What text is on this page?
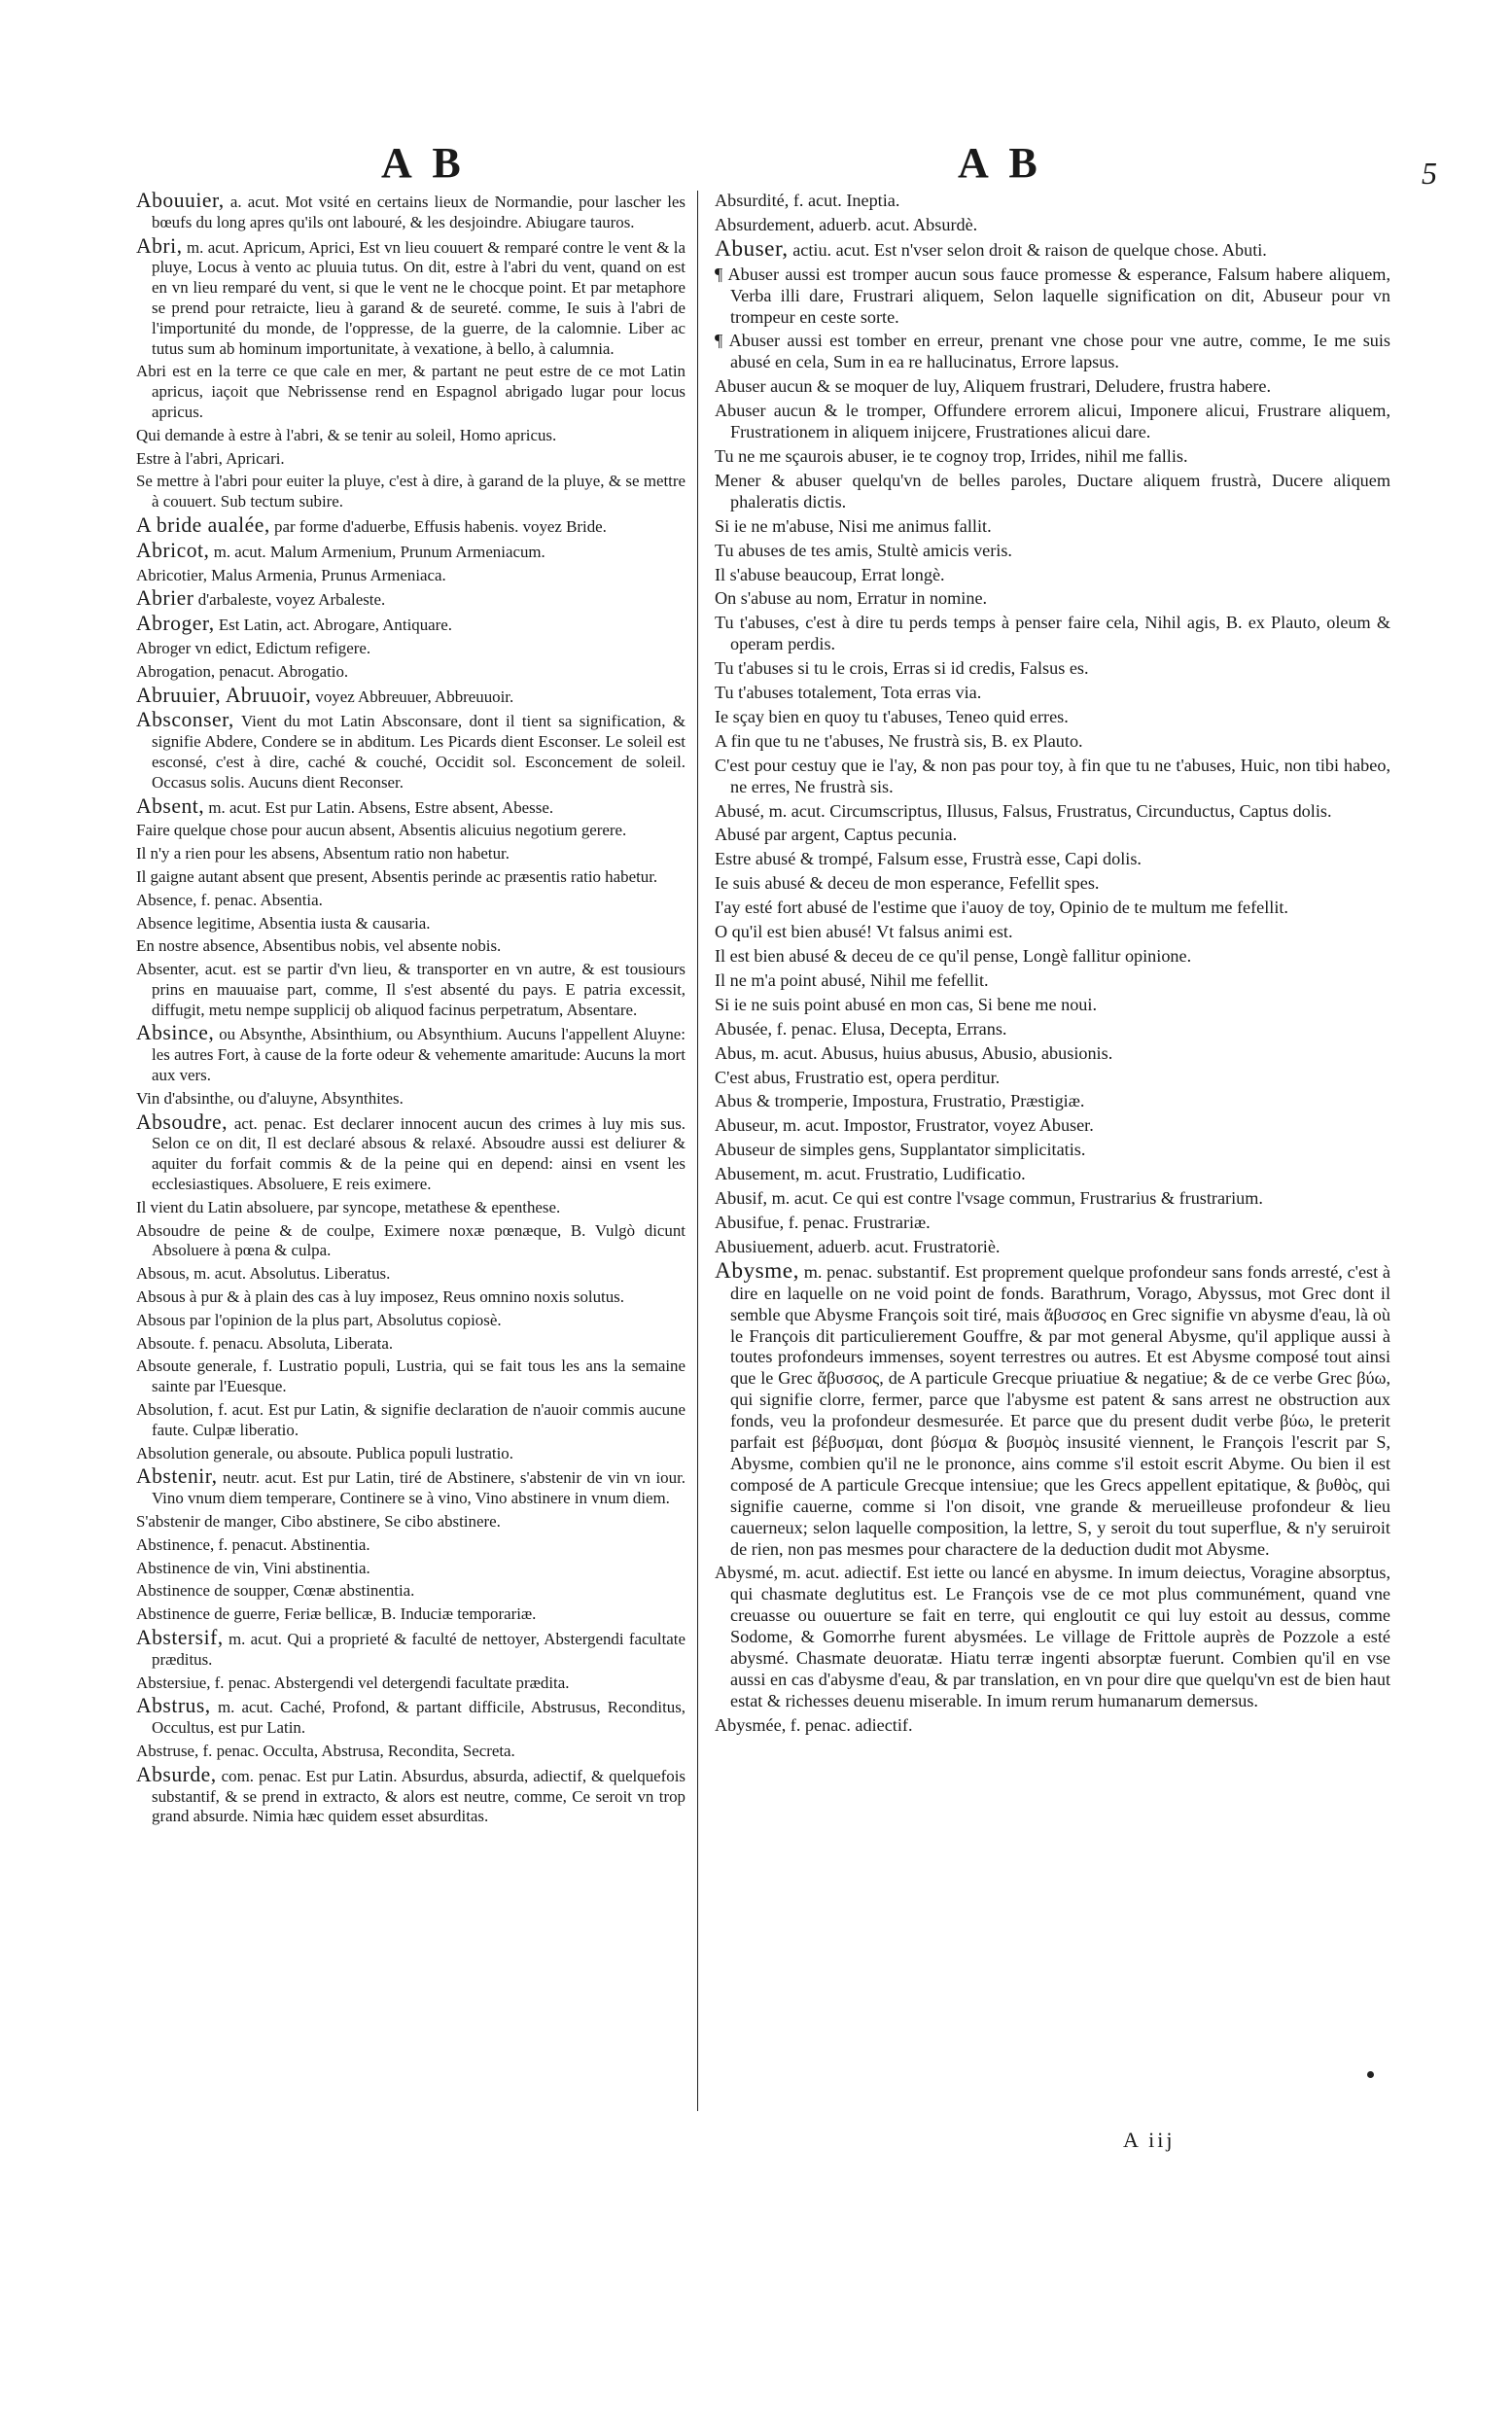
A B	A B	5

Abouuier, a. acut. Mot vsité en certains lieux de Normandie, pour lascher les bœufs du long apres qu'ils ont labouré, & les desjoindre. Abiugare tauros.

Abri, m. acut. Apricum, Aprici, Est vn lieu couuert & remparé contre le vent & la pluye, Locus à vento ac pluuia tutus. On dit, estre à l'abri du vent, quand on est en vn lieu remparé du vent, si que le vent ne le chocque point. Et par metaphore se prend pour retraicte, lieu à garand & de seureté. comme, Ie suis à l'abri de l'importunité du monde, de l'oppresse, de la guerre, de la calomnie. Liber ac tutus sum ab hominum importunitate, à vexatione, à bello, à calumnia.

Abri est en la terre ce que cale en mer, & partant ne peut estre de ce mot Latin apricus, iaçoit que Nebrissense rend en Espagnol abrigado lugar pour locus apricus.

Qui demande à estre à l'abri, & se tenir au soleil, Homo apricus.

Estre à l'abri, Apricari.

Se mettre à l'abri pour euiter la pluye, c'est à dire, à garand de la pluye, & se mettre à couuert. Sub tectum subire.

A bride aualée, par forme d'aduerbe, Effusis habenis. voyez Bride.

Abricot, m. acut. Malum Armenium, Prunum Armeniacum.

Abricotier, Malus Armenia, Prunus Armeniaca.

Abrier d'arbaleste, voyez Arbaleste.

Abroger, Est Latin, act. Abrogare, Antiquare.

Abroger vn edict, Edictum refigere.

Abrogation, penacut. Abrogatio.

Abruuier, Abruuoir, voyez Abbreuuer, Abbreuuoir.

Absconser, Vient du mot Latin Absconsare, dont il tient sa signification, & signifie Abdere, Condere se in abditum. Les Picards dient Esconser. Le soleil est esconsé, c'est à dire, caché & couché, Occidit sol. Esconcement de soleil. Occasus solis. Aucuns dient Reconser.

Absent, m. acut. Est pur Latin. Absens, Estre absent, Abesse.

Faire quelque chose pour aucun absent, Absentis alicuius negotium gerere.

Il n'y a rien pour les absens, Absentum ratio non habetur.

Il gaigne autant absent que present, Absentis perinde ac præsentis ratio habetur.

Absence, f. penac. Absentia.

Absence legitime, Absentia iusta & causaria.

En nostre absence, Absentibus nobis, vel absente nobis.

Absenter, acut. est se partir d'vn lieu, & transporter en vn autre, & est tousiours prins en mauuaise part, comme, Il s'est absenté du pays. E patria excessit, diffugit, metu nempe supplicij ob aliquod facinus perpetratum, Absentare.

Absince, ou Absynthe, Absinthium, ou Absynthium. Aucuns l'appellent Aluyne: les autres Fort, à cause de la forte odeur & vehemente amaritude: Aucuns la mort aux vers.

Vin d'absinthe, ou d'aluyne, Absynthites.

Absoudre, act. penac. Est declarer innocent aucun des crimes à luy mis sus. Selon ce on dit, Il est declaré absous & relaxé. Absoudre aussi est deliurer & aquiter du forfait commis & de la peine qui en depend: ainsi en vsent les ecclesiastiques. Absoluere, E reis eximere.

Il vient du Latin absoluere, par syncope, metathese & epenthese.

Absoudre de peine & de coulpe, Eximere noxæ pœnæque, B. Vulgò dicunt Absoluere à pœna & culpa.

Absous, m. acut. Absolutus. Liberatus.

Absous à pur & à plain des cas à luy imposez, Reus omnino noxis solutus.

Absous par l'opinion de la plus part, Absolutus copiosè.

Absoute. f. penacu. Absoluta, Liberata.

Absoute generale, f. Lustratio populi, Lustria, qui se fait tous les ans la semaine sainte par l'Euesque.

Absolution, f. acut. Est pur Latin, & signifie declaration de n'auoir commis aucune faute. Culpæ liberatio.

Absolution generale, ou absoute. Publica populi lustratio.

Abstenir, neutr. acut. Est pur Latin, tiré de Abstinere, s'abstenir de vin vn iour. Vino vnum diem temperare, Continere se à vino, Vino abstinere in vnum diem.

S'abstenir de manger, Cibo abstinere, Se cibo abstinere.

Abstinence, f. penacut. Abstinentia.

Abstinence de vin, Vini abstinentia.

Abstinence de soupper, Cœnæ abstinentia.

Abstinence de guerre, Feriæ bellicæ, B. Induciæ temporariæ.

Abstersif, m. acut. Qui a proprieté & faculté de nettoyer, Abstergendi facultate præditus.

Abstersiue, f. penac. Abstergendi vel detergendi facultate prædita.

Abstrus, m. acut. Caché, Profond, & partant difficile, Abstrusus, Reconditus, Occultus, est pur Latin.

Abstruse, f. penac. Occulta, Abstrusa, Recondita, Secreta.

Absurde, com. penac. Est pur Latin. Absurdus, absurda, adiectif, & quelquefois substantif, & se prend in extracto, & alors est neutre, comme, Ce seroit vn trop grand absurde. Nimia hæc quidem esset absurditas.

Absurdité, f. acut. Ineptia.

Absurdement, aduerb. acut. Absurdè.

Abuser, actiu. acut. Est n'vser selon droit & raison de quelque chose. Abuti.

¶ Abuser aussi est tromper aucun sous fauce promesse & esperance, Falsum habere aliquem, Verba illi dare, Frustrari aliquem, Selon laquelle signification on dit, Abuseur pour vn trompeur en ceste sorte.

¶ Abuser aussi est tomber en erreur, prenant vne chose pour vne autre, comme, Ie me suis abusé en cela, Sum in ea re hallucinatus, Errore lapsus.

Abuser aucun & se moquer de luy, Aliquem frustrari, Deludere, frustra habere.

Abuser aucun & le tromper, Offundere errorem alicui, Imponere alicui, Frustrare aliquem, Frustrationem in aliquem inijcere, Frustrationes alicui dare.

Tu ne me sçaurois abuser, ie te cognoy trop, Irrides, nihil me fallis.

Mener & abuser quelqu'vn de belles paroles, Ductare aliquem frustrà, Ducere aliquem phaleratis dictis.

Si ie ne m'abuse, Nisi me animus fallit.

Tu abuses de tes amis, Stultè amicis veris.

Il s'abuse beaucoup, Errat longè.

On s'abuse au nom, Erratur in nomine.

Tu t'abuses, c'est à dire tu perds temps à penser faire cela, Nihil agis, B. ex Plauto, oleum & operam perdis.

Tu t'abuses si tu le crois, Erras si id credis, Falsus es.

Tu t'abuses totalement, Tota erras via.

Ie sçay bien en quoy tu t'abuses, Teneo quid erres.

A fin que tu ne t'abuses, Ne frustrà sis, B. ex Plauto.

C'est pour cestuy que ie l'ay, & non pas pour toy, à fin que tu ne t'abuses, Huic, non tibi habeo, ne erres, Ne frustrà sis.

Abusé, m. acut. Circumscriptus, Illusus, Falsus, Frustratus, Circunductus, Captus dolis.

Abusé par argent, Captus pecunia.

Estre abusé & trompé, Falsum esse, Frustrà esse, Capi dolis.

Ie suis abusé & deceu de mon esperance, Fefellit spes.

I'ay esté fort abusé de l'estime que i'auoy de toy, Opinio de te multum me fefellit.

O qu'il est bien abusé! Vt falsus animi est.

Il est bien abusé & deceu de ce qu'il pense, Longè fallitur opinione.

Il ne m'a point abusé, Nihil me fefellit.

Si ie ne suis point abusé en mon cas, Si bene me noui.

Abusée, f. penac. Elusa, Decepta, Errans.

Abus, m. acut. Abusus, huius abusus, Abusio, abusionis.

C'est abus, Frustratio est, opera perditur.

Abus & tromperie, Impostura, Frustratio, Præstigiæ.

Abuseur, m. acut. Impostor, Frustrator, voyez Abuser.

Abuseur de simples gens, Supplantator simplicitatis.

Abusement, m. acut. Frustratio, Ludificatio.

Abusif, m. acut. Ce qui est contre l'vsage commun, Frustrarius & frustrarium.

Abusifue, f. penac. Frustrariæ.

Abusiuement, aduerb. acut. Frustratoriè.

Abysme, m. penac. substantif. Est proprement quelque profondeur sans fonds arresté, c'est à dire en laquelle on ne void point de fonds. Barathrum, Vorago, Abyssus, mot Grec dont il semble que Abysme François soit tiré, mais ἄβυσσος en Grec signifie vn abysme d'eau, là où le François dit particulierement Gouffre, & par mot general Abysme, qu'il applique aussi à toutes profondeurs immenses, soyent terrestres ou autres. Et est Abysme composé tout ainsi que le Grec ἄβυσσος, de A particule Grecque priuatiue & negatiue; & de ce verbe Grec βύω, qui signifie clorre, fermer, parce que l'abysme est patent & sans arrest ne obstruction aux fonds, veu la profondeur desmesurée. Et parce que du present dudit verbe βύω, le preterit parfait est βέβυσμαι, dont βύσμα & βυσμὸς insusité viennent, le François l'escrit par S, Abysme, combien qu'il ne le prononce, ains comme s'il estoit escrit Abyme. Ou bien il est composé de A particule Grecque intensiue; que les Grecs appellent epitatique, & βυθὸς, qui signifie cauerne, comme si l'on disoit, vne grande & merueilleuse profondeur & lieu cauerneux; selon laquelle composition, la lettre, S, y seroit du tout superflue, & n'y seruiroit de rien, non pas mesmes pour charactere de la deduction dudit mot Abysme.

Abysmé, m. acut. adiectif. Est iette ou lancé en abysme. In imum deiectus, Voragine absorptus, qui chasmate deglutitus est. Le François vse de ce mot plus communément, quand vne creuasse ou ouuerture se fait en terre, qui engloutit ce qui luy estoit au dessus, comme Sodome, & Gomorrhe furent abysmées. Le village de Frittole auprès de Pozzole a esté abysmé. Chasmate deuoratæ. Hiatu terræ ingenti absorptæ fuerunt. Combien qu'il en vse aussi en cas d'abysme d'eau, & par translation, en vn pour dire que quelqu'vn est de bien haut estat & richesses deuenu miserable. In imum rerum humanarum demersus.

Abysmée, f. penac. adiectif.

A iij
